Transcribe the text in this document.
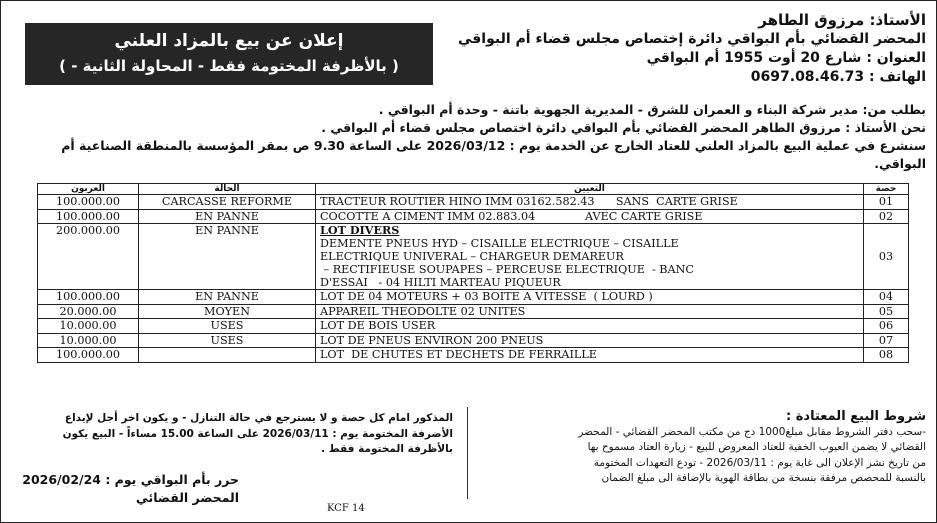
إعلان عن بيع بالمزاد العلني
( بالأظرفة المختومة فقط - المحاولة الثانية - )
الأستاذ: مرزوق الطاهر
المحضر القضائي بأم البواقي دائرة إختصاص مجلس قضاء أم البواقي
العنوان : شارع 20 أوت 1955 أم البواقي
الهاتف : 0697.08.46.73
بطلب من: مدير شركة البناء و العمران للشرق - المديرية الجهوية باتنة - وحدة أم البواقي .
نحن الأستاذ : مرزوق الطاهر المحضر القضائي بأم البواقي دائرة اختصاص مجلس قضاء أم البواقي .
سنشرع في عملية البيع بالمزاد العلني للعتاد الخارج عن الخدمة يوم : 2026/03/12 على الساعة 9.30 ص بمقر المؤسسة بالمنطقة الصناعية أم البواقي.
العربون	الحالة	التعيين	حصة
100.000.00	CARCASSE REFORME	TRACTEUR ROUTIER HINO IMM 03162.582.43      SANS  CARTE GRISE	01
100.000.00	EN PANNE	COCOTTE A CIMENT IMM 02.883.04              AVEC CARTE GRISE	02
200.000.00	EN PANNE	LOT DIVERS
DEMENTE PNEUS HYD – CISAILLE ELECTRIQUE – CISAILLE
ELECTRIQUE UNIVERAL – CHARGEUR DEMAREUR
– RECTIFIEUSE SOUPAPES – PERCEUSE ELECTRIQUE  - BANC
D'ESSAI   - 04 HILTI MARTEAU PIQUEUR	03
100.000.00	EN PANNE	LOT DE 04 MOTEURS + 03 BOITE A VITESSE  ( LOURD )	04
20.000.00	MOYEN	APPAREIL THEODOLTE 02 UNITES	05
10.000.00	USES	LOT DE BOIS USER	06
10.000.00	USES	LOT DE PNEUS ENVIRON 200 PNEUS	07
100.000.00		LOT  DE CHUTES ET DECHETS DE FERRAILLE	08
شروط البيع المعتادة :
-سحب دفتر الشروط مقابل مبلغ1000 دج من مكتب المحضر القضائي - المحضر
القضائي لا يضمن العيوب الخفية للعتاد المعروض للبيع - زيارة العتاد مسموح بها
من تاريخ نشر الإعلان الى غاية يوم : 2026/03/11 - تودع التعهدات المختومة
بالنسبة للمحصص مرفقة بنسخة من بطاقة الهوية بالإضافة الى مبلغ الضمان
المذكور امام كل حصة و لا يسترجع في حالة التنازل - و يكون اخر أجل لإيداع
الأضرفة المختومة يوم : 2026/03/11 على الساعة 15.00 مساءاً - البيع يكون
بالأظرفة المختومة فقط .
حرر بأم البواقي يوم : 2026/02/24
المحضر القضائي
KCF 14
